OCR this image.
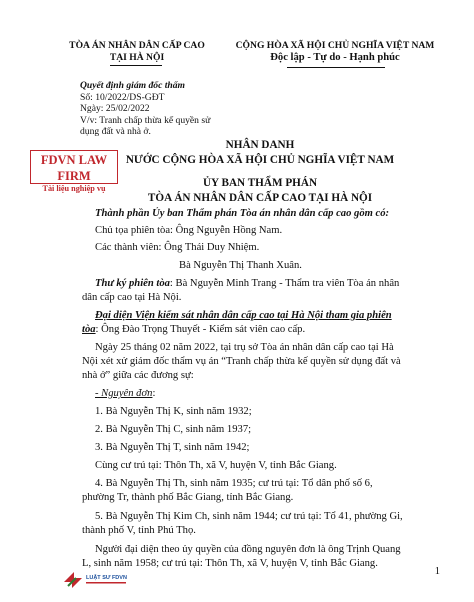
TÒA ÁN NHÂN DÂN CẤP CAO
TẠI HÀ NỘI
CỘNG HÒA XÃ HỘI CHỦ NGHĨA VIỆT NAM
Độc lập - Tự do - Hạnh phúc
Quyết định giám đốc thẩm
Số: 10/2022/DS-GĐT
Ngày: 25/02/2022
V/v: Tranh chấp thừa kế quyền sử
dụng đất và nhà ở.
FDVN LAW FIRM
Tài liệu nghiệp vụ
NHÂN DANH
NƯỚC CỘNG HÒA XÃ HỘI CHỦ NGHĨA VIỆT NAM
ỦY BAN THẨM PHÁN
TÒA ÁN NHÂN DÂN CẤP CAO TẠI HÀ NỘI
Thành phần Ủy ban Thẩm phán Tòa án nhân dân cấp cao gồm có:
Chủ tọa phiên tòa: Ông Nguyễn Hồng Nam.
Các thành viên: Ông Thái Duy Nhiệm.
Bà Nguyễn Thị Thanh Xuân.
Thư ký phiên tòa: Bà Nguyễn Minh Trang - Thẩm tra viên Tòa án nhân dân cấp cao tại Hà Nội.
Đại diện Viện kiểm sát nhân dân cấp cao tại Hà Nội tham gia phiên tòa: Ông Đào Trọng Thuyết - Kiểm sát viên cao cấp.
Ngày 25 tháng 02 năm 2022, tại trụ sở Tòa án nhân dân cấp cao tại Hà Nội xét xử giám đốc thẩm vụ án “Tranh chấp thừa kế quyền sử dụng đất và nhà ở” giữa các đương sự:
- Nguyên đơn:
1. Bà Nguyễn Thị K, sinh năm 1932;
2. Bà Nguyễn Thị C, sinh năm 1937;
3. Bà Nguyễn Thị T, sinh năm 1942;
Cùng cư trú tại: Thôn Th, xã V, huyện V, tỉnh Bắc Giang.
4. Bà Nguyễn Thị Th, sinh năm 1935; cư trú tại: Tổ dân phố số 6, phường Tr, thành phố Bắc Giang, tỉnh Bắc Giang.
5. Bà Nguyễn Thị Kim Ch, sinh năm 1944; cư trú tại: Tổ 41, phường Gi, thành phố V, tỉnh Phú Thọ.
Người đại diện theo ủy quyền của đồng nguyên đơn là ông Trịnh Quang L, sinh năm 1958; cư trú tại: Thôn Th, xã V, huyện V, tỉnh Bắc Giang.
LUẬT SƯ FDVN
1
